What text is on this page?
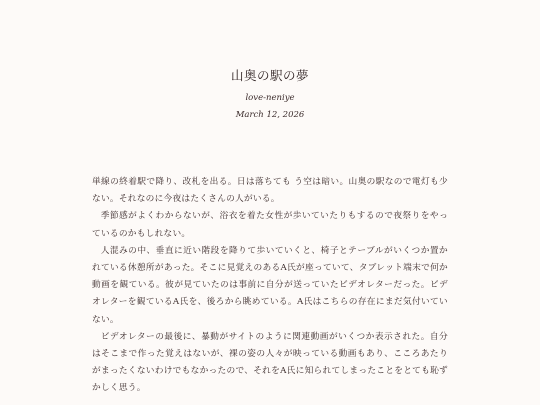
山奥の駅の夢
love-neniye
March 12, 2026

単線の終着駅で降り、改札を出る。日は落ちても う空は暗い。山奥の駅なので電灯も少ない。それなのに今夜はたくさんの人がいる。

季節感がよくわからないが、浴衣を着た女性が歩いていたりもするので夜祭りをやっているのかもしれない。

人混みの中、垂直に近い階段を降りて歩いていくと、椅子とテーブルがいくつか置かれている休憩所があった。そこに見覚えのあるA氏が座っていて、タブレット端末で何か動画を観ている。彼が見ていたのは事前に自分が送っていたビデオレターだった。ビデオレターを観ているA氏を、後ろから眺めている。A氏はこちらの存在にまだ気付いていない。

ビデオレターの最後に、暴動がサイトのように関連動画がいくつか表示された。自分はそこまで作った覚えはないが、裸の姿の人々が映っている動画もあり、こころあたりがまったくないわけでもなかったので、それをA氏に知られてしまったことをとても恥ずかしく思う。
